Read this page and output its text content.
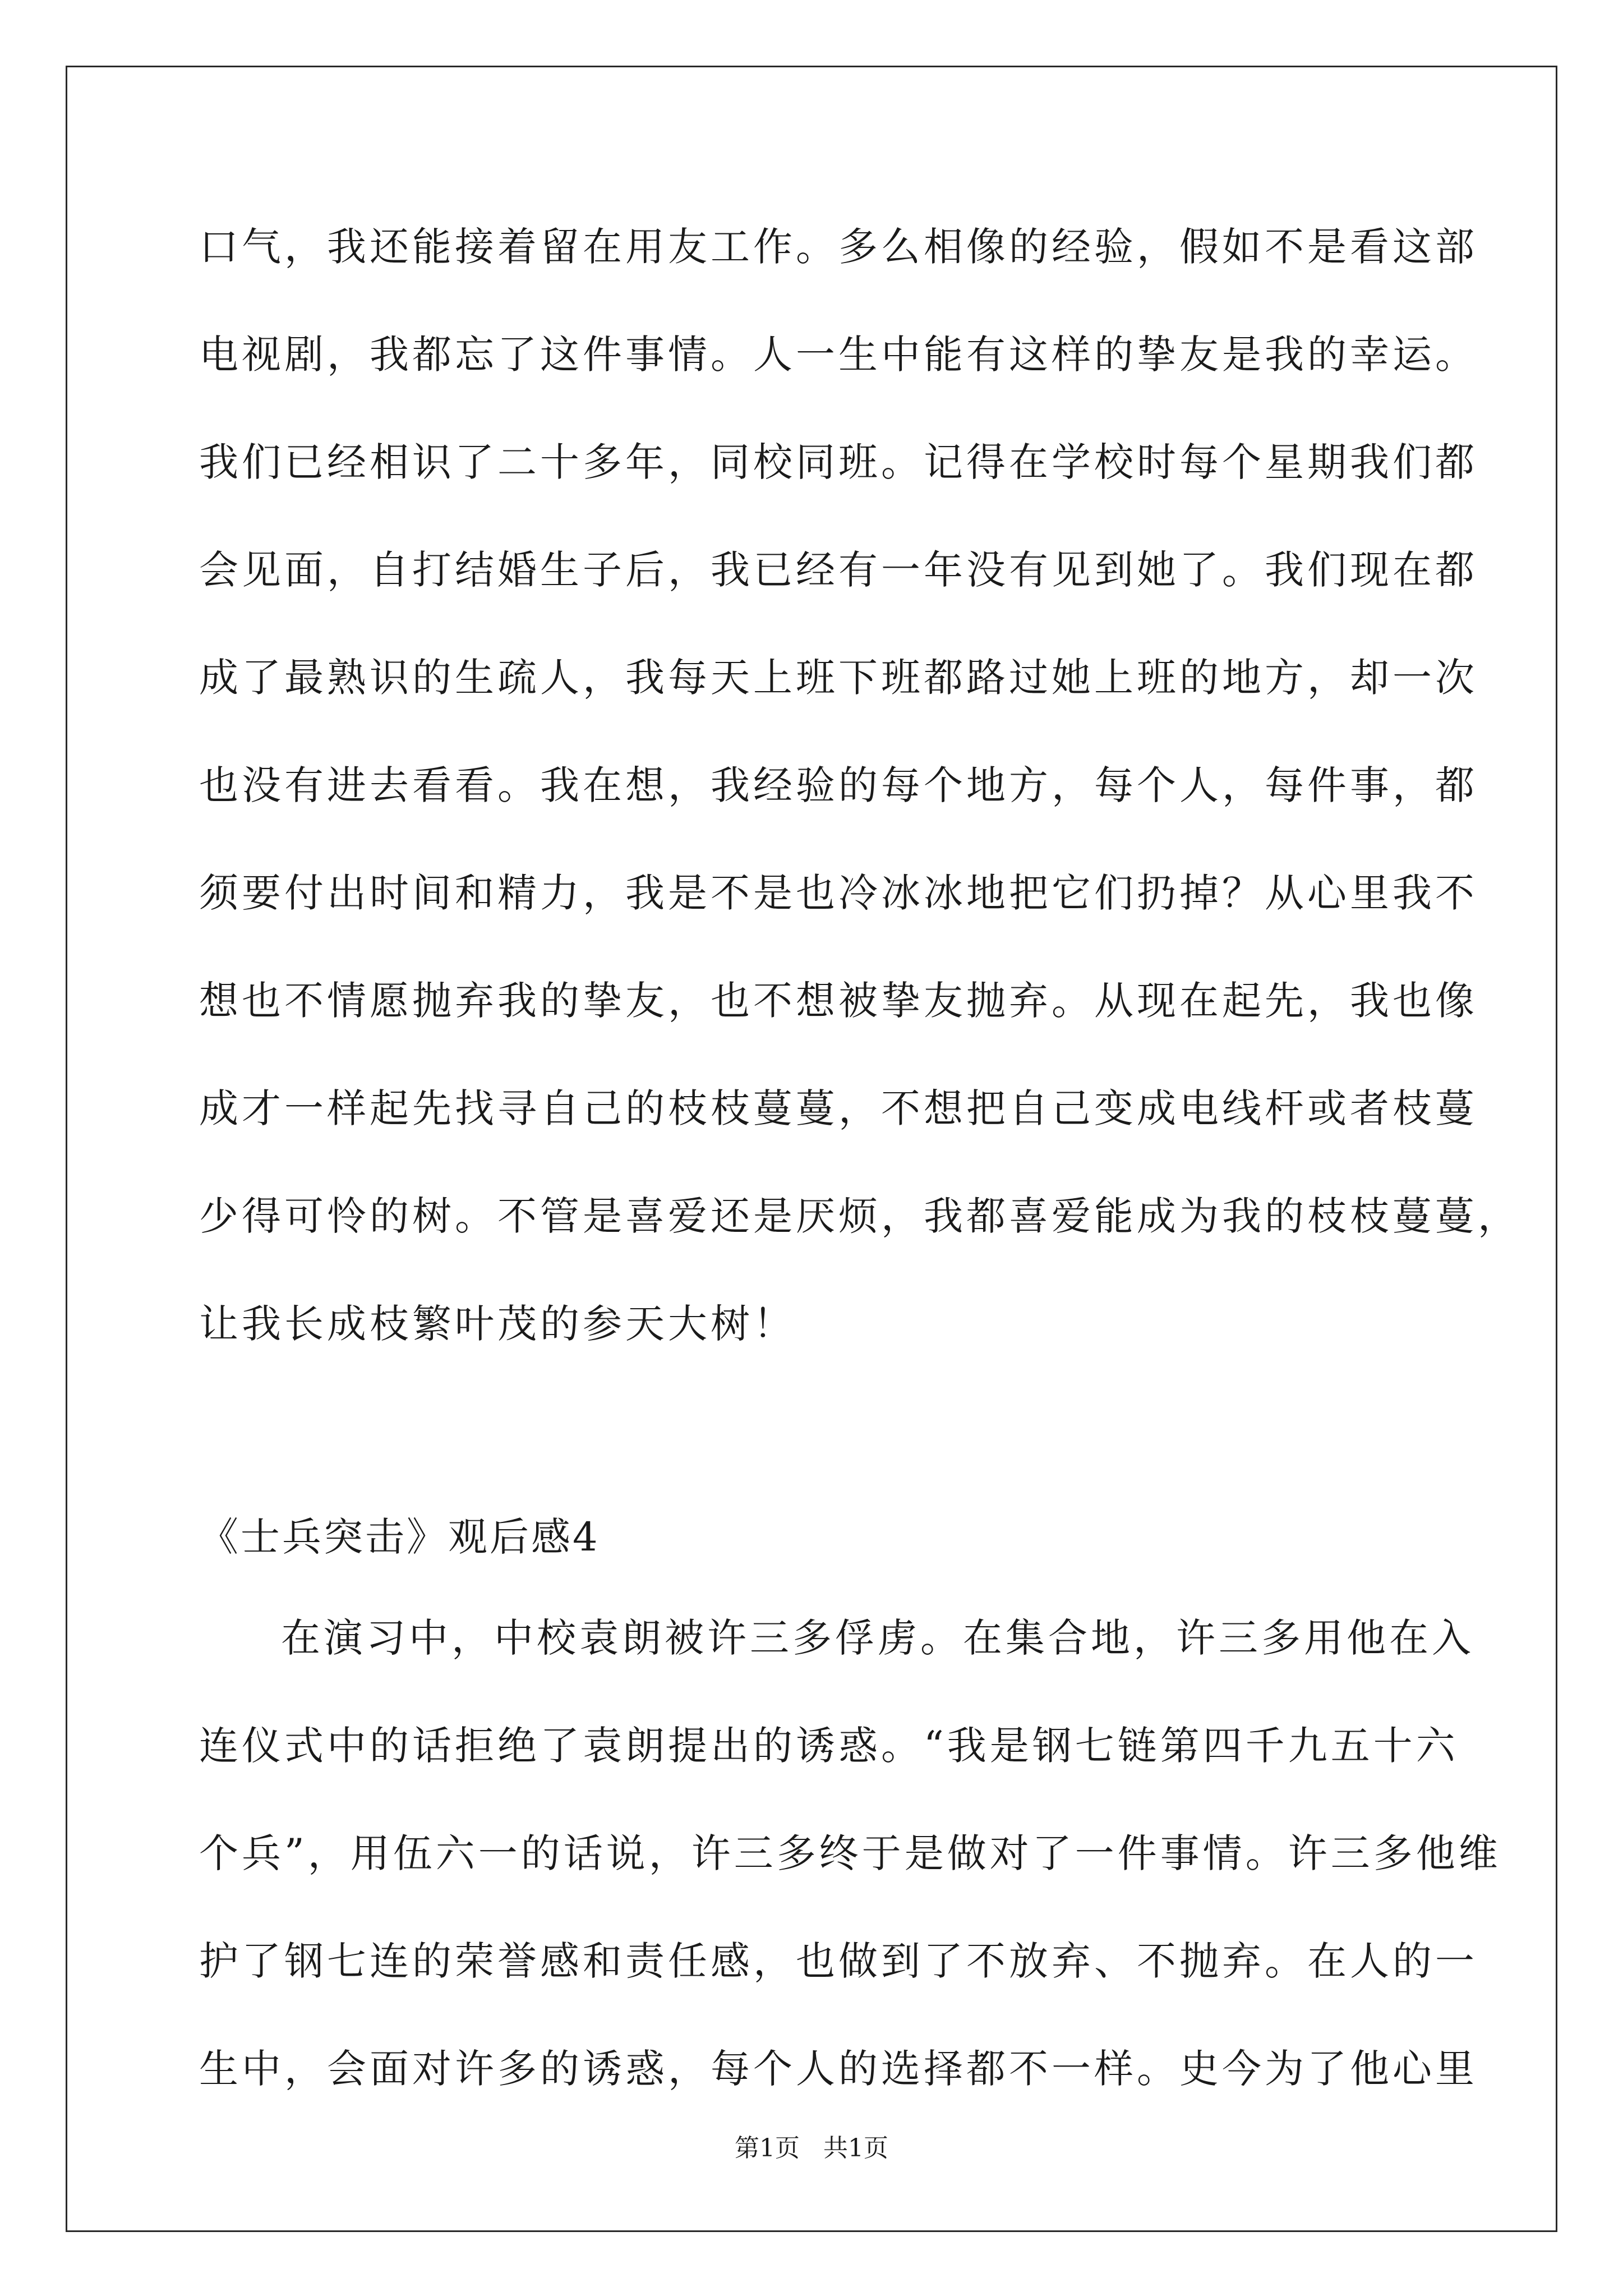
口气，我还能接着留在用友工作。多么相像的经验，假如不是看这部
电视剧，我都忘了这件事情。人一生中能有这样的挚友是我的幸运。
我们已经相识了二十多年，同校同班。记得在学校时每个星期我们都
会见面，自打结婚生子后，我已经有一年没有见到她了。我们现在都
成了最熟识的生疏人，我每天上班下班都路过她上班的地方，却一次
也没有进去看看。我在想，我经验的每个地方，每个人，每件事，都
须要付出时间和精力，我是不是也冷冰冰地把它们扔掉？从心里我不
想也不情愿抛弃我的挚友，也不想被挚友抛弃。从现在起先，我也像
成才一样起先找寻自己的枝枝蔓蔓，不想把自己变成电线杆或者枝蔓
少得可怜的树。不管是喜爱还是厌烦，我都喜爱能成为我的枝枝蔓蔓，
让我长成枝繁叶茂的参天大树！
《士兵突击》观后感4
在演习中，中校袁朗被许三多俘虏。在集合地，许三多用他在入
连仪式中的话拒绝了袁朗提出的诱惑。“我是钢七链第四千九五十六
个兵”，用伍六一的话说，许三多终于是做对了一件事情。许三多他维
护了钢七连的荣誉感和责任感，也做到了不放弃、不抛弃。在人的一
生中，会面对许多的诱惑，每个人的选择都不一样。史今为了他心里
第1页   共1页
